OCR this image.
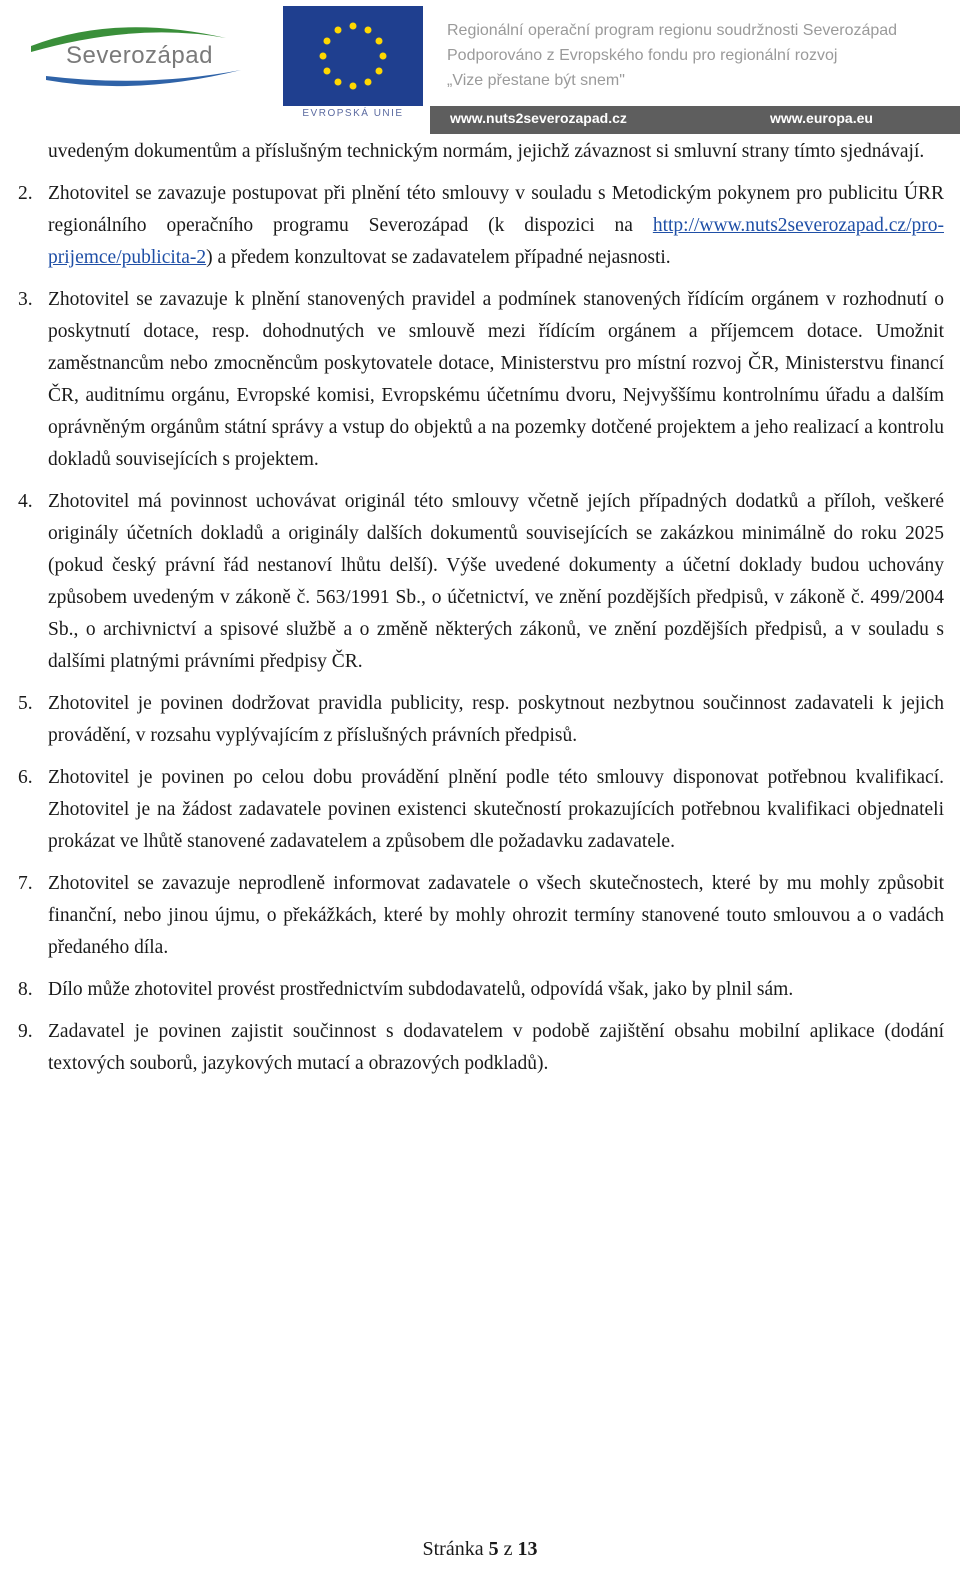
Severozápad
EVROPSKÁ UNIE
Regionální operační program regionu soudržnosti Severozápad
Podporováno z Evropského fondu pro regionální rozvoj
„Vize přestane být snem"
www.nuts2severozapad.cz	www.europa.eu
uvedeným dokumentům a příslušným technickým normám, jejichž závaznost si smluvní strany tímto sjednávají.
2. Zhotovitel se zavazuje postupovat při plnění této smlouvy v souladu s Metodickým pokynem pro publicitu ÚRR regionálního operačního programu Severozápad (k dispozici na http://www.nuts2severozapad.cz/pro-prijemce/publicita-2) a předem konzultovat se zadavatelem případné nejasnosti.
3. Zhotovitel se zavazuje k plnění stanovených pravidel a podmínek stanovených řídícím orgánem v rozhodnutí o poskytnutí dotace, resp. dohodnutých ve smlouvě mezi řídícím orgánem a příjemcem dotace. Umožnit zaměstnancům nebo zmocněncům poskytovatele dotace, Ministerstvu pro místní rozvoj ČR, Ministerstvu financí ČR, auditnímu orgánu, Evropské komisi, Evropskému účetnímu dvoru, Nejvyššímu kontrolnímu úřadu a dalším oprávněným orgánům státní správy a vstup do objektů a na pozemky dotčené projektem a jeho realizací a kontrolu dokladů souvisejících s projektem.
4. Zhotovitel má povinnost uchovávat originál této smlouvy včetně jejích případných dodatků a příloh, veškeré originály účetních dokladů a originály dalších dokumentů souvisejících se zakázkou minimálně do roku 2025 (pokud český právní řád nestanoví lhůtu delší). Výše uvedené dokumenty a účetní doklady budou uchovány způsobem uvedeným v zákoně č. 563/1991 Sb., o účetnictví, ve znění pozdějších předpisů, v zákoně č. 499/2004 Sb., o archivnictví a spisové službě a o změně některých zákonů, ve znění pozdějších předpisů, a v souladu s dalšími platnými právními předpisy ČR.
5. Zhotovitel je povinen dodržovat pravidla publicity, resp. poskytnout nezbytnou součinnost zadavateli k jejich provádění, v rozsahu vyplývajícím z příslušných právních předpisů.
6. Zhotovitel je povinen po celou dobu provádění plnění podle této smlouvy disponovat potřebnou kvalifikací. Zhotovitel je na žádost zadavatele povinen existenci skutečností prokazujících potřebnou kvalifikaci objednateli prokázat ve lhůtě stanovené zadavatelem a způsobem dle požadavku zadavatele.
7. Zhotovitel se zavazuje neprodleně informovat zadavatele o všech skutečnostech, které by mu mohly způsobit finanční, nebo jinou újmu, o překážkách, které by mohly ohrozit termíny stanovené touto smlouvou a o vadách předaného díla.
8. Dílo může zhotovitel provést prostřednictvím subdodavatelů, odpovídá však, jako by plnil sám.
9. Zadavatel je povinen zajistit součinnost s dodavatelem v podobě zajištění obsahu mobilní aplikace (dodání textových souborů, jazykových mutací a obrazových podkladů).
Stránka 5 z 13
